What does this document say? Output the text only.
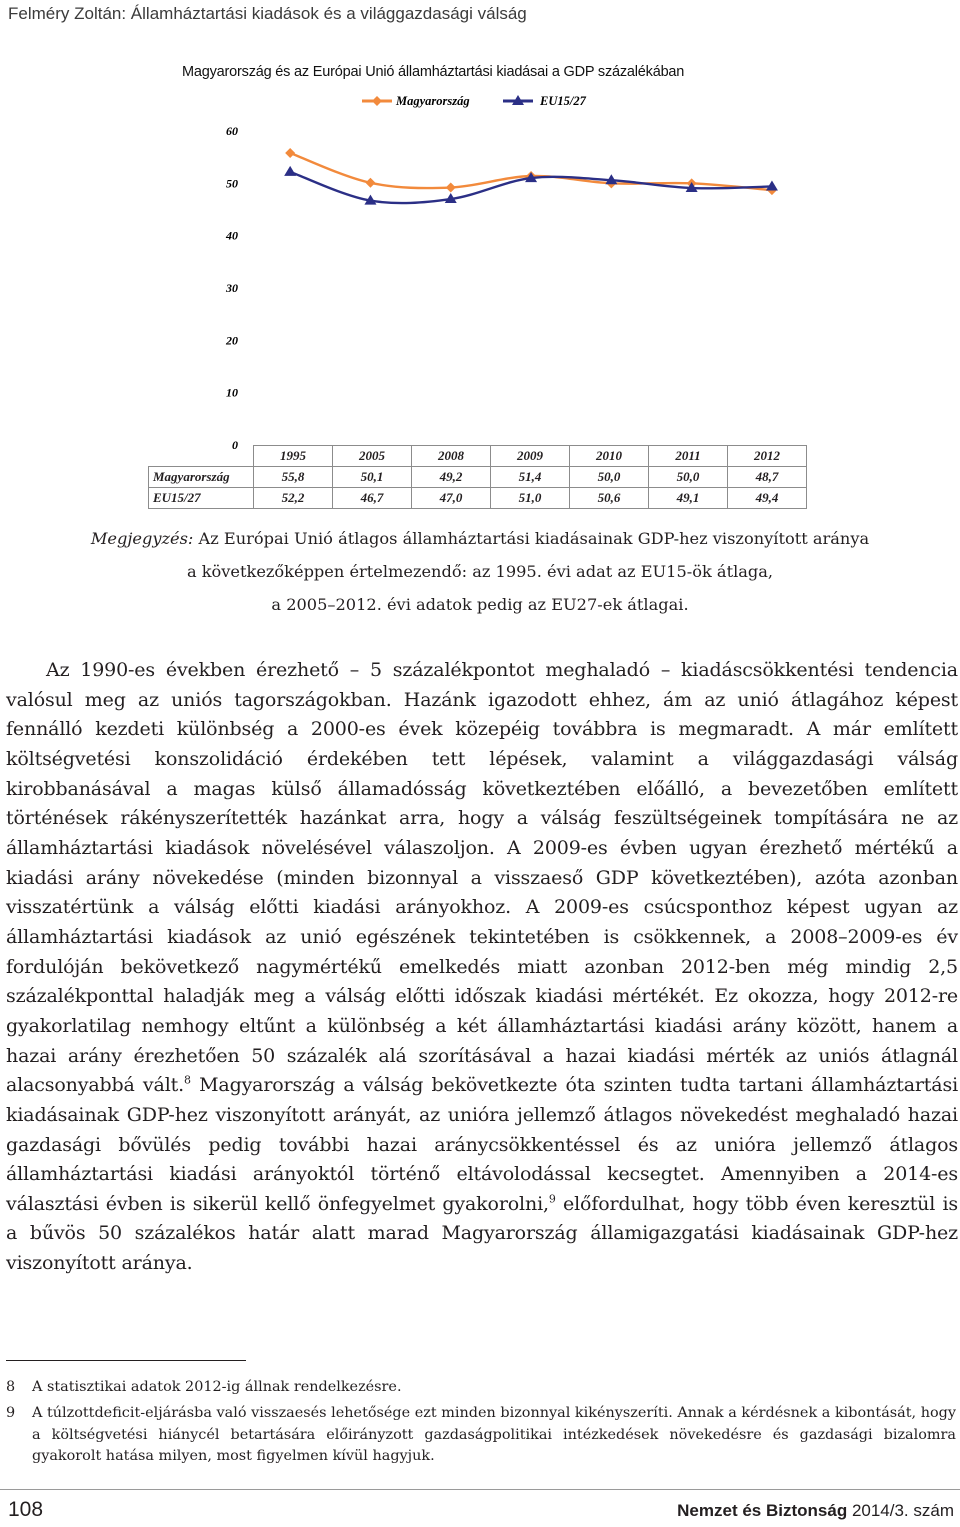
Felméry Zoltán: Államháztartási kiadások és a világgazdasági válság
Magyarország és az Európai Unió államháztartási kiadásai a GDP százalékában
0
10
20
30
40
50
60
Magyarország	EU15/27
	1995	2005	2008	2009	2010	2011	2012
Magyarország	55,8	50,1	49,2	51,4	50,0	50,0	48,7
EU15/27	52,2	46,7	47,0	51,0	50,6	49,1	49,4
Megjegyzés: Az Európai Unió átlagos államháztartási kiadásainak GDP-hez viszonyított aránya
a következőképpen értelmezendő: az 1995. évi adat az EU15-ök átlaga,
a 2005–2012. évi adatok pedig az EU27-ek átlagai.

Az 1990-es években érezhető – 5 százalékpontot meghaladó – kiadáscsökkentési tendencia valósul meg az uniós tagországokban. Hazánk igazodott ehhez, ám az unió átlagához képest fennálló kezdeti különbség a 2000-es évek közepéig továbbra is megmaradt. A már említett költségvetési konszolidáció érdekében tett lépések, valamint a világgazdasági válság kirobbanásával a magas külső államadósság következtében előálló, a bevezetőben említett történések rákényszerítették hazánkat arra, hogy a válság feszültségeinek tompítására ne az államháztartási kiadások növelésével válaszoljon. A 2009-es évben ugyan érezhető mértékű a kiadási arány növekedése (minden bizonnyal a visszaeső GDP következtében), azóta azonban visszatértünk a válság előtti kiadási arányokhoz. A 2009-es csúcsponthoz képest ugyan az államháztartási kiadások az unió egészének tekintetében is csökkennek, a 2008–2009-es év fordulóján bekövetkező nagymértékű emelkedés miatt azonban 2012-ben még mindig 2,5 százalékponttal haladják meg a válság előtti időszak kiadási mértékét. Ez okozza, hogy 2012-re gyakorlatilag nemhogy eltűnt a különbség a két államháztartási kiadási arány között, hanem a hazai arány érezhetően 50 százalék alá szorításával a hazai kiadási mérték az uniós átlagnál alacsonyabbá vált.$^8$ Magyarország a válság bekövetkezte óta szinten tudta tartani államháztartási kiadásainak GDP-hez viszonyított arányát, az unióra jellemző átlagos növekedést meghaladó hazai gazdasági bővülés pedig további hazai aránycsökkentéssel és az unióra jellemző átlagos államháztartási kiadási arányoktól történő eltávolodással kecsegtet. Amennyiben a 2014-es választási évben is sikerül kellő önfegyelmet gyakorolni,$^9$ előfordulhat, hogy több éven keresztül is a bűvös 50 százalékos határ alatt marad Magyarország államigazgatási kiadásainak GDP-hez viszonyított aránya.

8 A statisztikai adatok 2012-ig állnak rendelkezésre.
9 A túlzottdeficit-eljárásba való visszaesés lehetősége ezt minden bizonnyal kikényszeríti. Annak a kérdésnek a kibontását, hogy a költségvetési hiánycél betartására előirányzott gazdaságpolitikai intézkedések növekedésre és gazdasági bizalomra gyakorolt hatása milyen, most figyelmen kívül hagyjuk.
108	Nemzet és Biztonság 2014/3. szám
